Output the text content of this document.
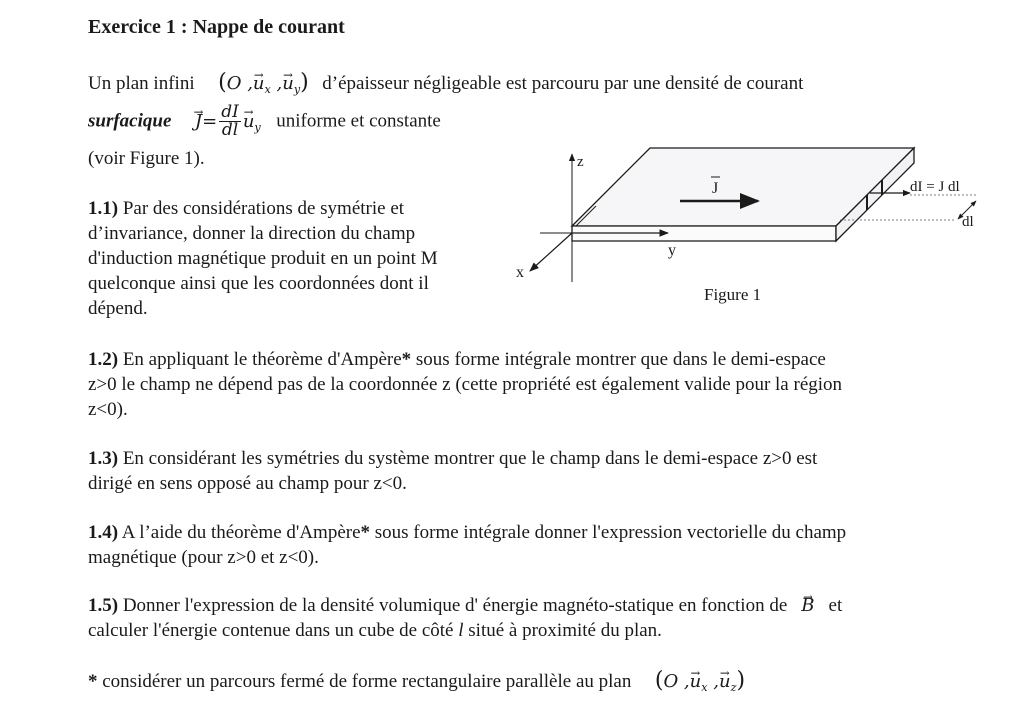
Exercice 1 : Nappe de courant

Un plan infini (O ,→ $u_x$ ,→ $u_y$) d’épaisseur négligeable est parcouru par une densité de courant

surfacique → $J= \frac{dI}{dl} \to u_y$ uniforme et constante

(voir Figure 1).

1.1) Par des considérations de symétrie et

d’invariance, donner la direction du champ

d'induction magnétique produit en un point M

quelconque ainsi que les coordonnées dont il

dépend.

dI = J dl
dl
J
z
y
x
Figure 1

1.2) En appliquant le théorème d'Ampère* sous forme intégrale montrer que dans le demi-espace

z>0 le champ ne dépend pas de la coordonnée z (cette propriété est également valide pour la région

z<0).

1.3) En considérant les symétries du système montrer que le champ dans le demi-espace z>0 est

dirigé en sens opposé au champ pour z<0.

1.4) A l’aide du théorème d'Ampère* sous forme intégrale donner l'expression vectorielle du champ

magnétique (pour z>0 et z<0).

1.5) Donner l'expression de la densité volumique d' énergie magnéto-statique en fonction de → B et

calculer l'énergie contenue dans un cube de côté l situé à proximité du plan.

* considérer un parcours fermé de forme rectangulaire parallèle au plan (O ,→ $u_x$ ,→ $u_z$)
